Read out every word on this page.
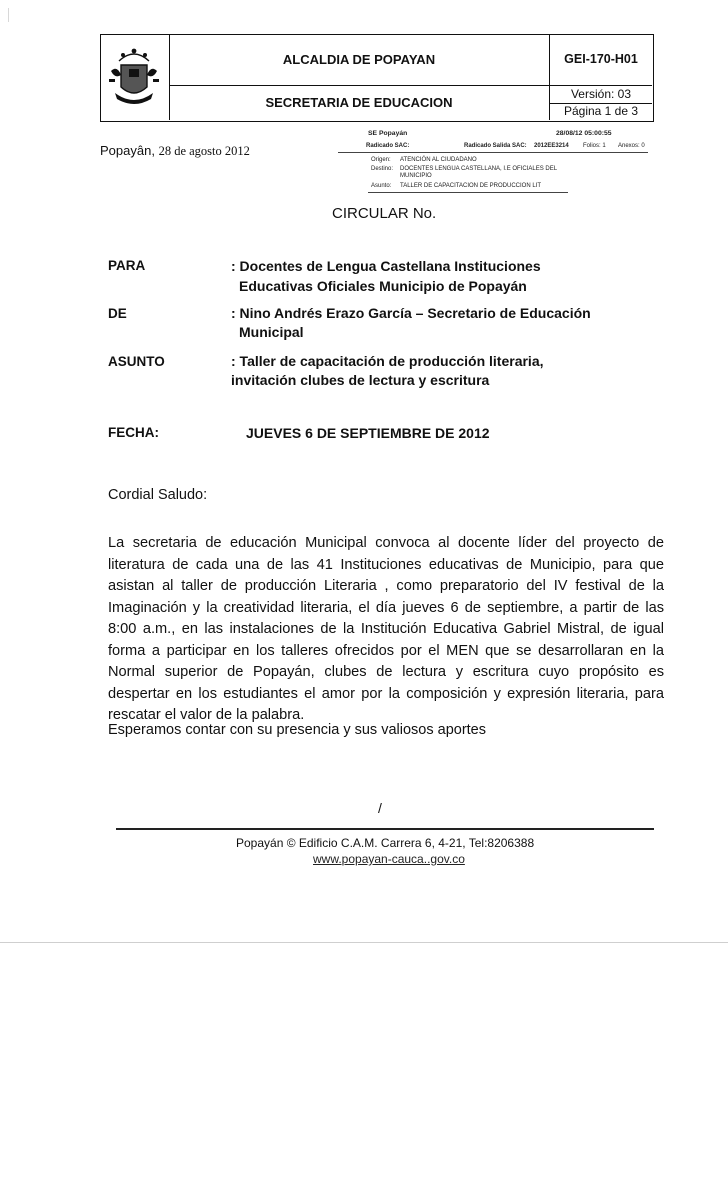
ALCALDIA DE POPAYAN
SECRETARIA DE EDUCACION
GEI-170-H01
Versión: 03
Página 1 de 3
Popayân, 28 de agosto 2012
SE Popayán	28/08/12 05:00:55
Radicado SAC:	Radicado Salida SAC: 2012EE3214 Folios: 1 Anexos: 0
Origen: ATENCIÓN AL CIUDADANO
Destino: DOCENTES LENGUA CASTELLANA, I.E OFICIALES DEL
MUNICIPIO
Asunto: TALLER DE CAPACITACION DE PRODUCCION LIT
CIRCULAR No.
PARA	: Docentes de Lengua Castellana Instituciones
Educativas Oficiales Municipio de Popayán
DE	: Nino Andrés Erazo García – Secretario de Educación
Municipal
ASUNTO	: Taller de capacitación de producción literaria,
invitación clubes de lectura y escritura
FECHA:	JUEVES 6 DE SEPTIEMBRE DE 2012
Cordial Saludo:
La secretaria de educación Municipal convoca al docente líder del proyecto de literatura de cada una de las 41 Instituciones educativas de Municipio, para que asistan al taller de producción Literaria , como preparatorio del IV festival de la Imaginación y la creatividad literaria, el día jueves 6 de septiembre, a partir de las 8:00 a.m., en las instalaciones de la Institución Educativa Gabriel Mistral, de igual forma a participar en los talleres ofrecidos por el MEN que se desarrollaran en la Normal superior de Popayán, clubes de lectura y escritura cuyo propósito es despertar en los estudiantes el amor por la composición y expresión literaria, para rescatar el valor de la palabra.
Esperamos contar con su presencia y sus valiosos aportes
/
Popayán © Edificio C.A.M. Carrera 6, 4-21, Tel:8206388
www.popayan-cauca..gov.co
